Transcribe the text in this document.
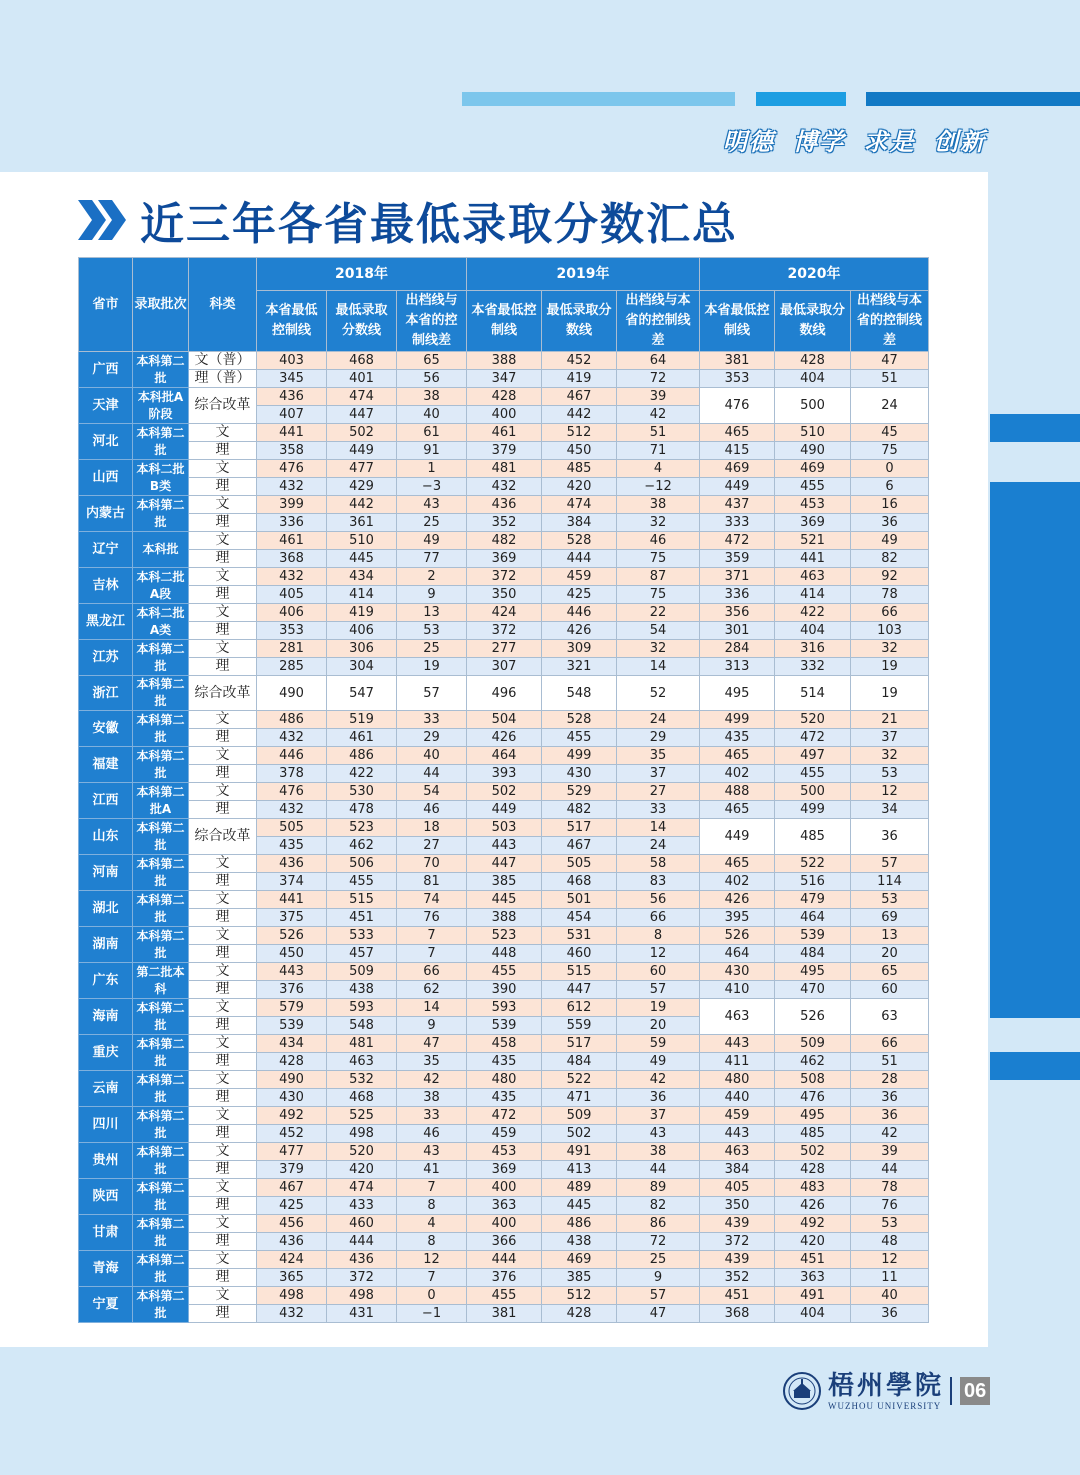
明德 博学 求是 创新
近三年各省最低录取分数汇总
省市	录取批次	科类	2018年			2019年			2020年		
			本省最低控制线	最低录取分数线	出档线与本省的控制线差	本省最低控制线	最低录取分数线	出档线与本省的控制线差	本省最低控制线	最低录取分数线	出档线与本省的控制线差
广西	本科第二批	文（普）	403	468	65	388	452	64	381	428	47
		理（普）	345	401	56	347	419	72	353	404	51
天津	本科批A阶段	综合改革	436	474	38	428	467	39	476	500	24
			407	447	40	400	442	42			
河北	本科第二批	文	441	502	61	461	512	51	465	510	45
		理	358	449	91	379	450	71	415	490	75
山西	本科二批B类	文	476	477	1	481	485	4	469	469	0
		理	432	429	−3	432	420	−12	449	455	6
内蒙古	本科第二批	文	399	442	43	436	474	38	437	453	16
		理	336	361	25	352	384	32	333	369	36
辽宁	本科批	文	461	510	49	482	528	46	472	521	49
		理	368	445	77	369	444	75	359	441	82
吉林	本科二批A段	文	432	434	2	372	459	87	371	463	92
		理	405	414	9	350	425	75	336	414	78
黑龙江	本科二批A类	文	406	419	13	424	446	22	356	422	66
		理	353	406	53	372	426	54	301	404	103
江苏	本科第二批	文	281	306	25	277	309	32	284	316	32
		理	285	304	19	307	321	14	313	332	19
浙江	本科第二批	综合改革	490	547	57	496	548	52	495	514	19

安徽	本科第二批	文	486	519	33	504	528	24	499	520	21
		理	432	461	29	426	455	29	435	472	37
福建	本科第二批	文	446	486	40	464	499	35	465	497	32
		理	378	422	44	393	430	37	402	455	53
江西	本科第二批A	文	476	530	54	502	529	27	488	500	12
		理	432	478	46	449	482	33	465	499	34
山东	本科第二批	综合改革	505	523	18	503	517	14	449	485	36
			435	462	27	443	467	24			
河南	本科第二批	文	436	506	70	447	505	58	465	522	57
		理	374	455	81	385	468	83	402	516	114
湖北	本科第二批	文	441	515	74	445	501	56	426	479	53
		理	375	451	76	388	454	66	395	464	69
湖南	本科第二批	文	526	533	7	523	531	8	526	539	13
		理	450	457	7	448	460	12	464	484	20
广东	第二批本科	文	443	509	66	455	515	60	430	495	65
		理	376	438	62	390	447	57	410	470	60
海南	本科第二批	文	579	593	14	593	612	19	463	526	63
		理	539	548	9	539	559	20			
重庆	本科第二批	文	434	481	47	458	517	59	443	509	66
		理	428	463	35	435	484	49	411	462	51
云南	本科第二批	文	490	532	42	480	522	42	480	508	28
		理	430	468	38	435	471	36	440	476	36
四川	本科第二批	文	492	525	33	472	509	37	459	495	36
		理	452	498	46	459	502	43	443	485	42
贵州	本科第二批	文	477	520	43	453	491	38	463	502	39
		理	379	420	41	369	413	44	384	428	44
陕西	本科第二批	文	467	474	7	400	489	89	405	483	78
		理	425	433	8	363	445	82	350	426	76
甘肃	本科第二批	文	456	460	4	400	486	86	439	492	53
		理	436	444	8	366	438	72	372	420	48
青海	本科第二批	文	424	436	12	444	469	25	439	451	12
		理	365	372	7	376	385	9	352	363	11
宁夏	本科第二批	文	498	498	0	455	512	57	451	491	40
		理	432	431	−1	381	428	47	368	404	36
梧州學院
WUZHOU UNIVERSITY
06
